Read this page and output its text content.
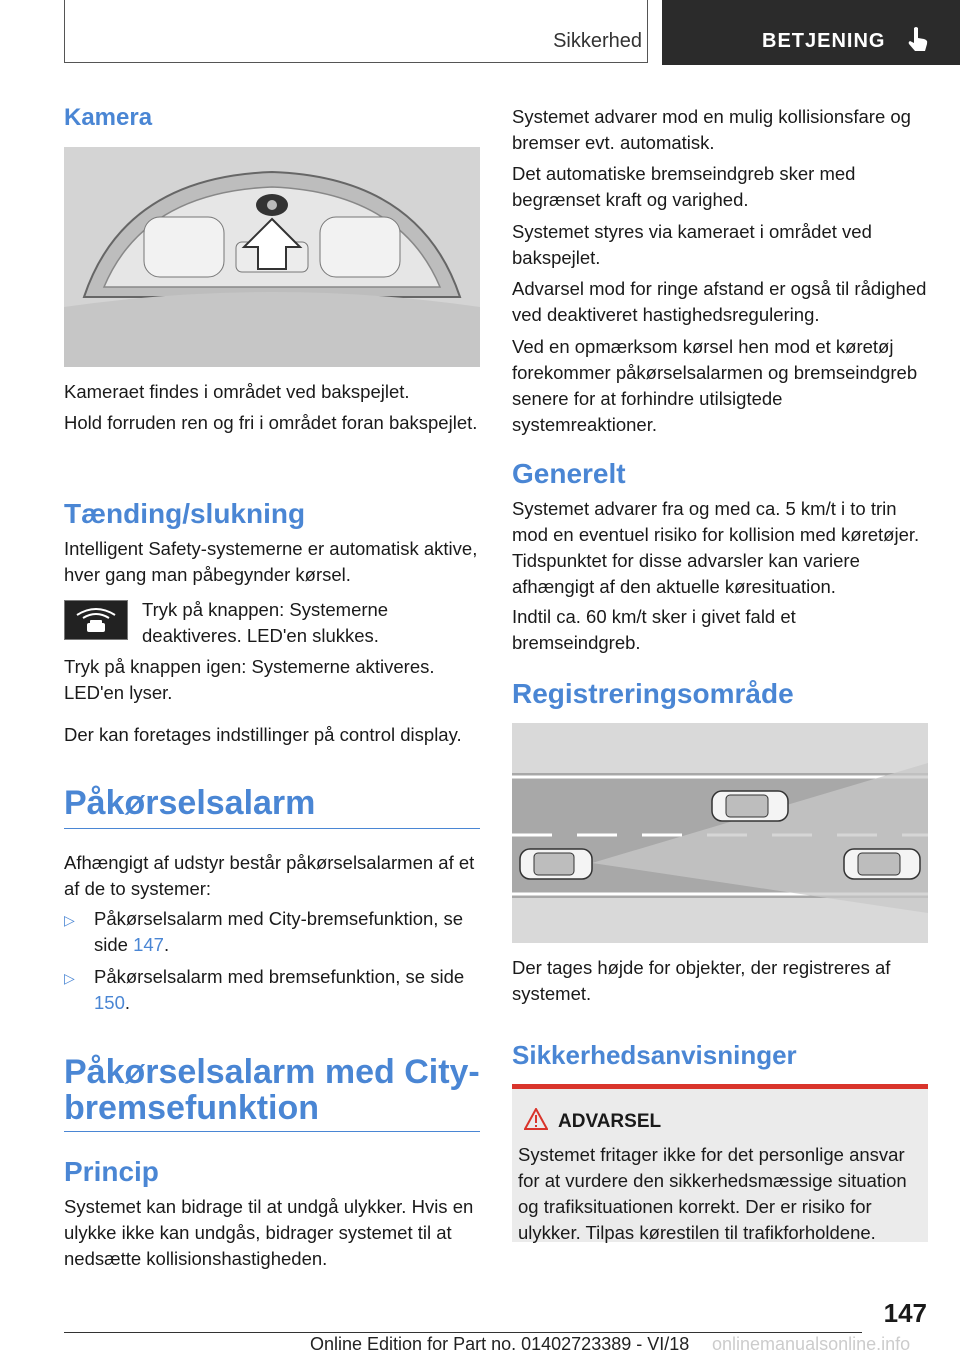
Sikkerhed	BETJENING
Kamera

Kameraet findes i området ved bakspejlet.

Hold forruden ren og fri i området foran bakspejlet.

Tænding/slukning

Intelligent Safety-systemerne er automatisk aktive, hver gang man påbegynder kørsel.

Tryk på knappen: Systemerne deaktiveres. LED'en slukkes.

Tryk på knappen igen: Systemerne aktiveres. LED'en lyser.

Der kan foretages indstillinger på control display.

Påkørselsalarm

Afhængigt af udstyr består påkørselsalarmen af et af de to systemer:

▷ Påkørselsalarm med City-bremsefunktion, se side 147.
▷ Påkørselsalarm med bremsefunktion, se side 150.
Påkørselsalarm med City-
bremsefunktion
Princip

Systemet kan bidrage til at undgå ulykker. Hvis en ulykke ikke kan undgås, bidrager systemet til at nedsætte kollisionshastigheden.

Systemet advarer mod en mulig kollisionsfare og bremser evt. automatisk.

Det automatiske bremseindgreb sker med begrænset kraft og varighed.

Systemet styres via kameraet i området ved bakspejlet.

Advarsel mod for ringe afstand er også til rådighed ved deaktiveret hastighedsregulering.

Ved en opmærksom kørsel hen mod et køretøj forekommer påkørselsalarmen og bremseindgreb senere for at forhindre utilsigtede systemreaktioner.

Generelt

Systemet advarer fra og med ca. 5 km/t i to trin mod en eventuel risiko for kollision med køretøjer. Tidspunktet for disse advarsler kan variere afhængigt af den aktuelle køresituation.

Indtil ca. 60 km/t sker i givet fald et bremseindgreb.

Registreringsområde

Der tages højde for objekter, der registreres af systemet.

Sikkerhedsanvisninger
ADVARSEL

Systemet fritager ikke for det personlige ansvar for at vurdere den sikkerhedsmæssige situation og trafiksituationen korrekt. Der er risiko for ulykker. Tilpas kørestilen til trafikforholdene.

147
Online Edition for Part no. 01402723389 - VI/18 onlinemanualsonline.info
